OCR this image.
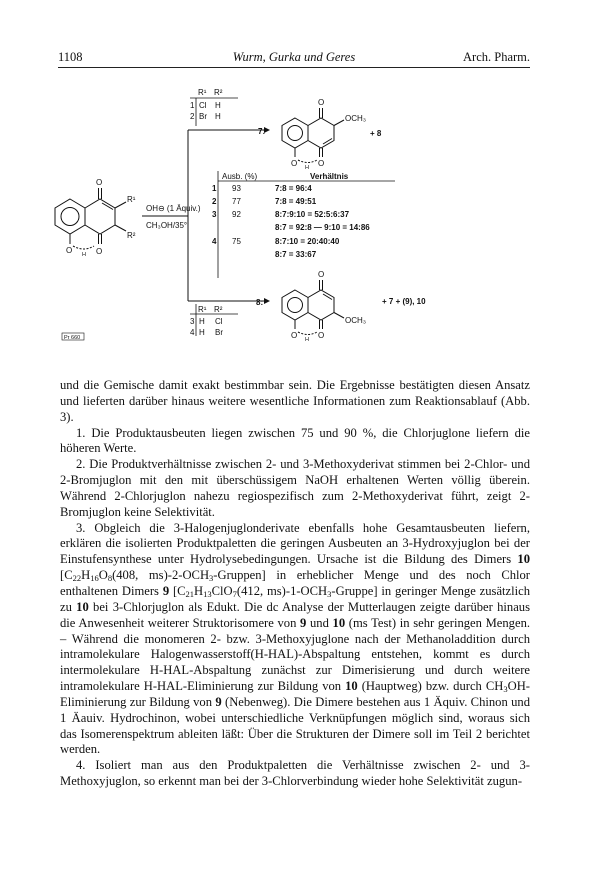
1108	Wurm, Gurka und Geres	Arch. Pharm.
O
O
O H
R¹
R²
OH⊖ (1 Äquiv.)
CH₃OH/35°
R¹ R²
1 Cl H
2 Br H
R¹ R²
3 H Cl
4 H Br
7:
O
O
O H
OCH₃
+ 8
Ausb. (%)	Verhältnis
1 93	7:8 = 96:4
2 77	7:8 = 49:51
3 92	8:7:9:10 = 52:5:6:37
8:7 = 92:8 — 9:10 = 14:86
4 75	8:7:10 = 20:40:40
8:7 = 33:67
8:
O
O
O H
OCH₃
+ 7 + (9), 10
Pr 660

und die Gemische damit exakt bestimmbar sein. Die Ergebnisse bestätigten diesen Ansatz und lieferten darüber hinaus weitere wesentliche Informationen zum Reaktionsablauf (Abb. 3).

1. Die Produktausbeuten liegen zwischen 75 und 90 %, die Chlorjuglone liefern die höheren Werte.

2. Die Produktverhältnisse zwischen 2- und 3-Methoxyderivat stimmen bei 2-Chlor- und 2-Bromjuglon mit den mit überschüssigem NaOH erhaltenen Werten völlig überein. Während 2-Chlorjuglon nahezu regiospezifisch zum 2-Methoxyderivat führt, zeigt 2-Bromjuglon keine Selektivität.

3. Obgleich die 3-Halogenjuglonderivate ebenfalls hohe Gesamtausbeuten liefern, erklären die isolierten Produktpaletten die geringen Ausbeuten an 3-Hydroxyjuglon bei der Einstufensynthese unter Hydrolysebedingungen. Ursache ist die Bildung des Dimers 10 [$C_{22}H_{16}O_8(408$, $ms)-2-OCH_3-Gruppen$] in erheblicher Menge und des noch Chlor enthaltenen Dimers 9 [$C_{21}H_{13}ClO_7(412$, $ms)-1-OCH_3-Gruppe$] in geringer Menge zusätzlich zu 10 bei 3-Chlorjuglon als Edukt. Die dc Analyse der Mutterlaugen zeigte darüber hinaus die Anwesenheit weiterer Struktorisomere von 9 und 10 (ms Test) in sehr geringen Mengen. – Während die monomeren 2- bzw. 3-Methoxyjuglone nach der Methanoladdition durch intramolekulare Halogenwasserstoff(H-HAL)-Abspaltung entstehen, kommt es durch intermolekulare H-HAL-Abspaltung zunächst zur Dimerisierung und durch weitere intramolekulare H-HAL-Eliminierung zur Bildung von 10 (Hauptweg) bzw. durch $CH_3OH$-Eliminierung zur Bildung von 9 (Nebenweg). Die Dimere bestehen aus 1 Äquiv. Chinon und 1 Äauiv. Hydrochinon, wobei unterschiedliche Verknüpfungen möglich sind, woraus sich das Isomerenspektrum ableiten läßt: Über die Strukturen der Dimere soll im Teil 2 berichtet werden.

4. Isoliert man aus den Produktpaletten die Verhältnisse zwischen 2- und 3-Methoxyjuglon, so erkennt man bei der 3-Chlorverbindung wieder hohe Selektivität zugun-
